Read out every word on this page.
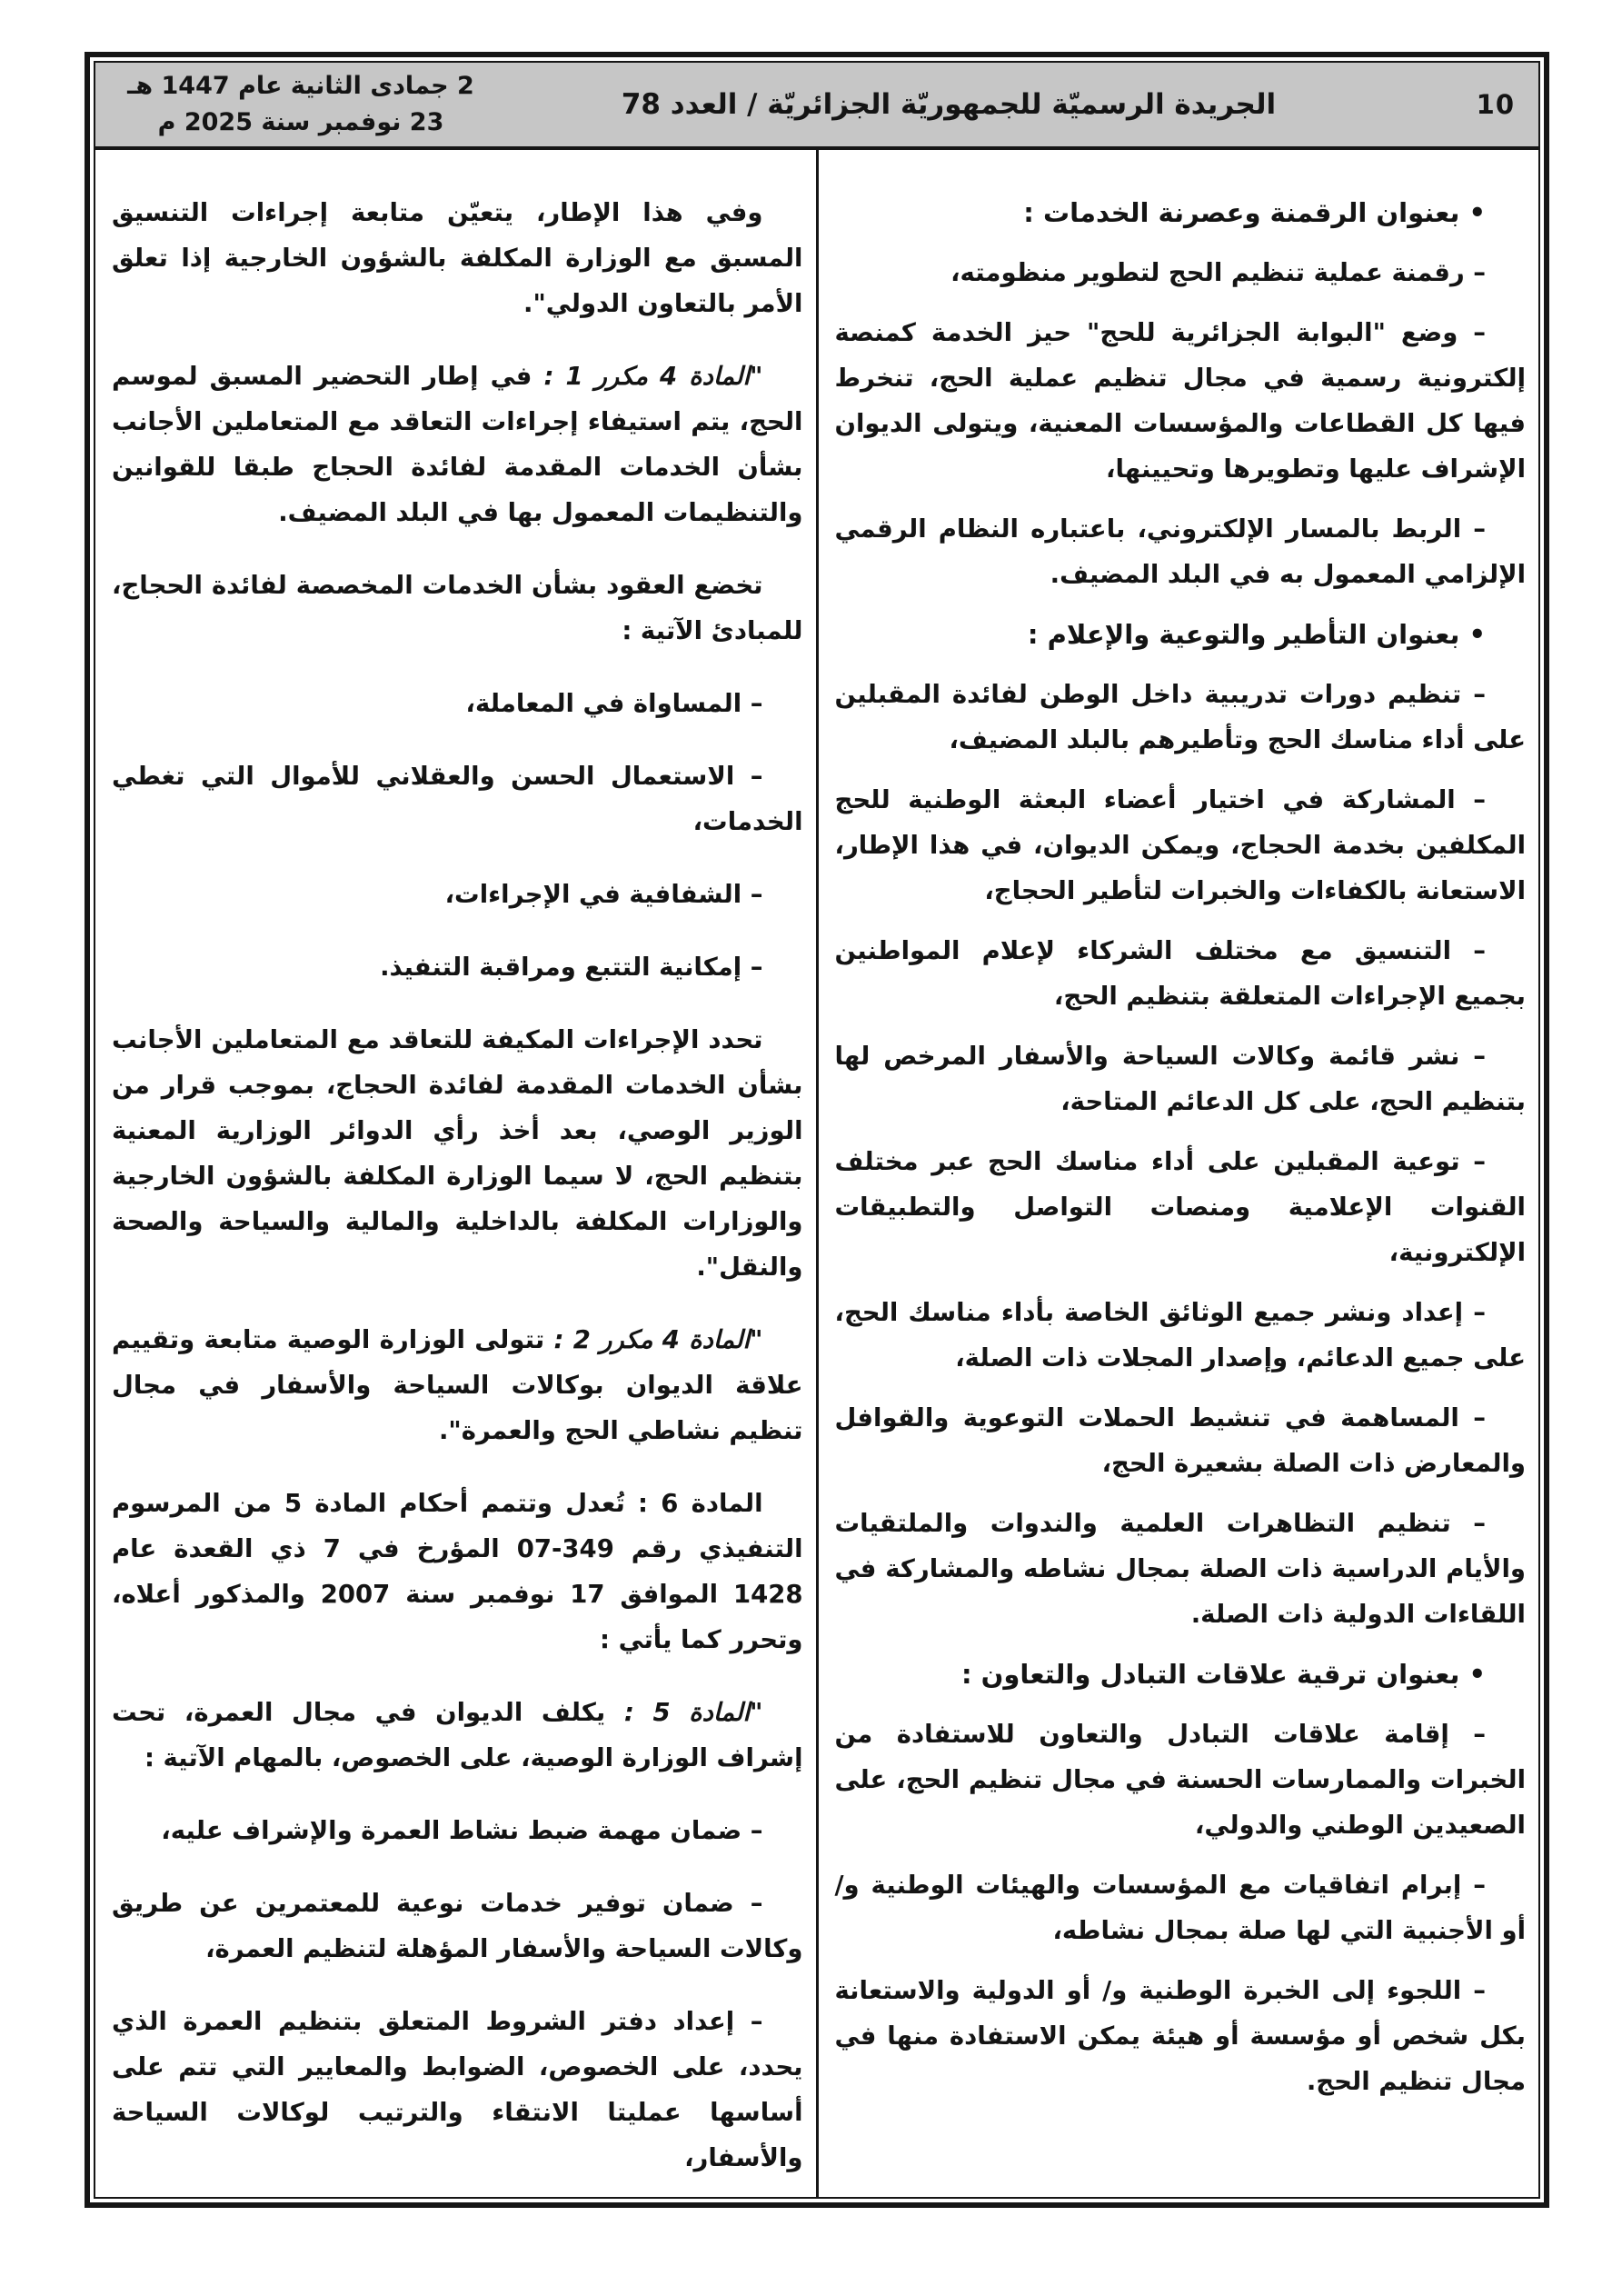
10
الجريدة الرسميّة للجمهوريّة الجزائريّة / العدد 78
2 جمادى الثانية عام 1447 هـ
23 نوفمبر سنة 2025 م
• بعنوان الرقمنة وعصرنة الخدمات :
– رقمنة عملية تنظيم الحج لتطوير منظومته،
– وضع "البوابة الجزائرية للحج" حيز الخدمة كمنصة إلكترونية رسمية في مجال تنظيم عملية الحج، تنخرط فيها كل القطاعات والمؤسسات المعنية، ويتولى الديوان الإشراف عليها وتطويرها وتحيينها،
– الربط بالمسار الإلكتروني، باعتباره النظام الرقمي الإلزامي المعمول به في البلد المضيف.
• بعنوان التأطير والتوعية والإعلام :
– تنظيم دورات تدريبية داخل الوطن لفائدة المقبلين على أداء مناسك الحج وتأطيرهم بالبلد المضيف،
– المشاركة في اختيار أعضاء البعثة الوطنية للحج المكلفين بخدمة الحجاج، ويمكن الديوان، في هذا الإطار، الاستعانة بالكفاءات والخبرات لتأطير الحجاج،
– التنسيق مع مختلف الشركاء لإعلام المواطنين بجميع الإجراءات المتعلقة بتنظيم الحج،
– نشر قائمة وكالات السياحة والأسفار المرخص لها بتنظيم الحج، على كل الدعائم المتاحة،
– توعية المقبلين على أداء مناسك الحج عبر مختلف القنوات الإعلامية ومنصات التواصل والتطبيقات الإلكترونية،
– إعداد ونشر جميع الوثائق الخاصة بأداء مناسك الحج، على جميع الدعائم، وإصدار المجلات ذات الصلة،
– المساهمة في تنشيط الحملات التوعوية والقوافل والمعارض ذات الصلة بشعيرة الحج،
– تنظيم التظاهرات العلمية والندوات والملتقيات والأيام الدراسية ذات الصلة بمجال نشاطه والمشاركة في اللقاءات الدولية ذات الصلة.
• بعنوان ترقية علاقات التبادل والتعاون :
– إقامة علاقات التبادل والتعاون للاستفادة من الخبرات والممارسات الحسنة في مجال تنظيم الحج، على الصعيدين الوطني والدولي،
– إبرام اتفاقيات مع المؤسسات والهيئات الوطنية و/ أو الأجنبية التي لها صلة بمجال نشاطه،
– اللجوء إلى الخبرة الوطنية و/ أو الدولية والاستعانة بكل شخص أو مؤسسة أو هيئة يمكن الاستفادة منها في مجال تنظيم الحج.
وفي هذا الإطار، يتعيّن متابعة إجراءات التنسيق المسبق مع الوزارة المكلفة بالشؤون الخارجية إذا تعلق الأمر بالتعاون الدولي".
"المادة 4 مكرر 1 : في إطار التحضير المسبق لموسم الحج، يتم استيفاء إجراءات التعاقد مع المتعاملين الأجانب بشأن الخدمات المقدمة لفائدة الحجاج طبقا للقوانين والتنظيمات المعمول بها في البلد المضيف.
تخضع العقود بشأن الخدمات المخصصة لفائدة الحجاج، للمبادئ الآتية :
– المساواة في المعاملة،
– الاستعمال الحسن والعقلاني للأموال التي تغطي الخدمات،
– الشفافية في الإجراءات،
– إمكانية التتبع ومراقبة التنفيذ.
تحدد الإجراءات المكيفة للتعاقد مع المتعاملين الأجانب بشأن الخدمات المقدمة لفائدة الحجاج، بموجب قرار من الوزير الوصي، بعد أخذ رأي الدوائر الوزارية المعنية بتنظيم الحج، لا سيما الوزارة المكلفة بالشؤون الخارجية والوزارات المكلفة بالداخلية والمالية والسياحة والصحة والنقل".
"المادة 4 مكرر 2 : تتولى الوزارة الوصية متابعة وتقييم علاقة الديوان بوكالات السياحة والأسفار في مجال تنظيم نشاطي الحج والعمرة".
المادة 6 : تُعدل وتتمم أحكام المادة 5 من المرسوم التنفيذي رقم 349-07 المؤرخ في 7 ذي القعدة عام 1428 الموافق 17 نوفمبر سنة 2007 والمذكور أعلاه، وتحرر كما يأتي :
"المادة 5 : يكلف الديوان في مجال العمرة، تحت إشراف الوزارة الوصية، على الخصوص، بالمهام الآتية :
– ضمان مهمة ضبط نشاط العمرة والإشراف عليه،
– ضمان توفير خدمات نوعية للمعتمرين عن طريق وكالات السياحة والأسفار المؤهلة لتنظيم العمرة،
– إعداد دفتر الشروط المتعلق بتنظيم العمرة الذي يحدد، على الخصوص، الضوابط والمعايير التي تتم على أساسها عمليتا الانتقاء والترتيب لوكالات السياحة والأسفار،
